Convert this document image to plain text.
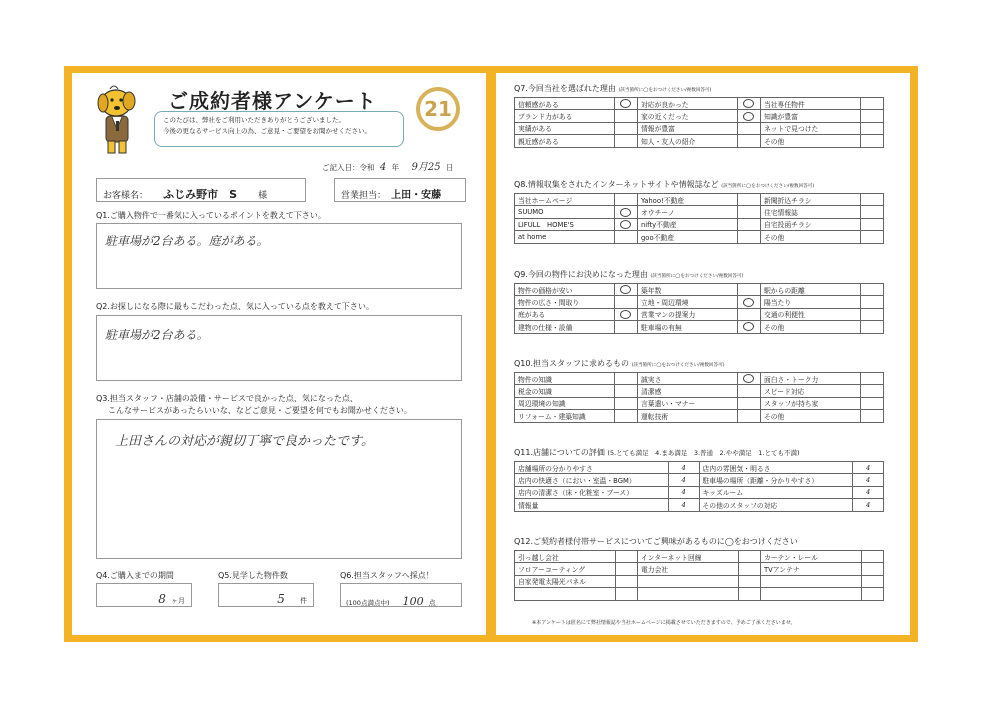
ご成約者様アンケート
このたびは、弊社をご利用いただきありがとうございました。
今後の更なるサービス向上の為、ご意見・ご要望をお聞かせください。
21
ご記入日：令和 4 年 9月25 日
お客様名： ふじみ野市　S 様	営業担当： 上田・安藤
Q1.ご購入物件で一番気に入っているポイントを教えて下さい。
駐車場が2台ある。庭がある。
Q2.お探しになる際に最もこだわった点、気に入っている点を教えて下さい。
駐車場が2台ある。
Q3.担当スタッフ・店舗の設備・サービスで良かった点、気になった点、
こんなサービスがあったらいいな、などご意見・ご要望を何でもお聞かせください。
上田さんの対応が親切丁寧で良かったです。
Q4.ご購入までの期間
8 ヶ月
Q5.見学した物件数
5 件
Q6.担当スタッフへ採点！
(100点満点中) 100 点
Q7.今回当社を選ばれた理由 (該当箇所に◯をおつけください/複数回答可)
信頼感がある		対応が良かった		当社専任物件	
ブランド力がある		家の近くだった		知識が豊富	
実績がある		情報が豊富		ネットで見つけた	
親近感がある		知人・友人の紹介		その他	
Q8.情報収集をされたインターネットサイトや情報誌など (該当箇所に◯をおつけください/複数回答可)
当社ホームページ		Yahoo!不動産		新聞折込チラシ	
SUUMO		オウチーノ		住宅情報誌	
LIFULL　HOME'S		nifty不動産		自宅投函チラシ	
at home		goo不動産		その他	
Q9.今回の物件にお決めになった理由 (該当箇所に◯をおつけください/複数回答可)
物件の価格が安い		築年数		駅からの距離	
物件の広さ・間取り		立地・周辺環境		陽当たり	
庭がある		営業マンの提案力		交通の利便性	
建物の仕様・設備		駐車場の有無		その他	
Q10.担当スタッフに求めるもの (該当箇所に◯をおつけください/複数回答可)
物件の知識		誠実さ		面白さ・トーク力	
税金の知識		清潔感		スピード対応	
周辺環境の知識		言葉遣い・マナー		スタッフが持ち家	
リフォーム・建築知識		運転技術		その他	
Q11.店舗についての評価 (5.とても満足　4.まあ満足　3.普通　2.やや満足　1.とても不満)
店舗場所の分かりやすさ	4	店内の雰囲気・明るさ	4
店内の快適さ（におい・室温・BGM）	4	駐車場の場所（距離・分かりやすさ）	4
店内の清潔さ（床・化粧室・ブース）	4	キッズルーム	4
情報量	4	その他のスタッフの対応	4
Q12.ご契約者様付帯サービスについてご興味があるものに◯をおつけください
引っ越し会社		インターネット回線		カーテン・レール	
フロアーコーティング		電力会社		TVアンテナ	
自家発電太陽光パネル					

※本アンケートは匿名にて弊社情報誌や当社ホームページに掲載させていただきますので、予めご了承くださいませ。
